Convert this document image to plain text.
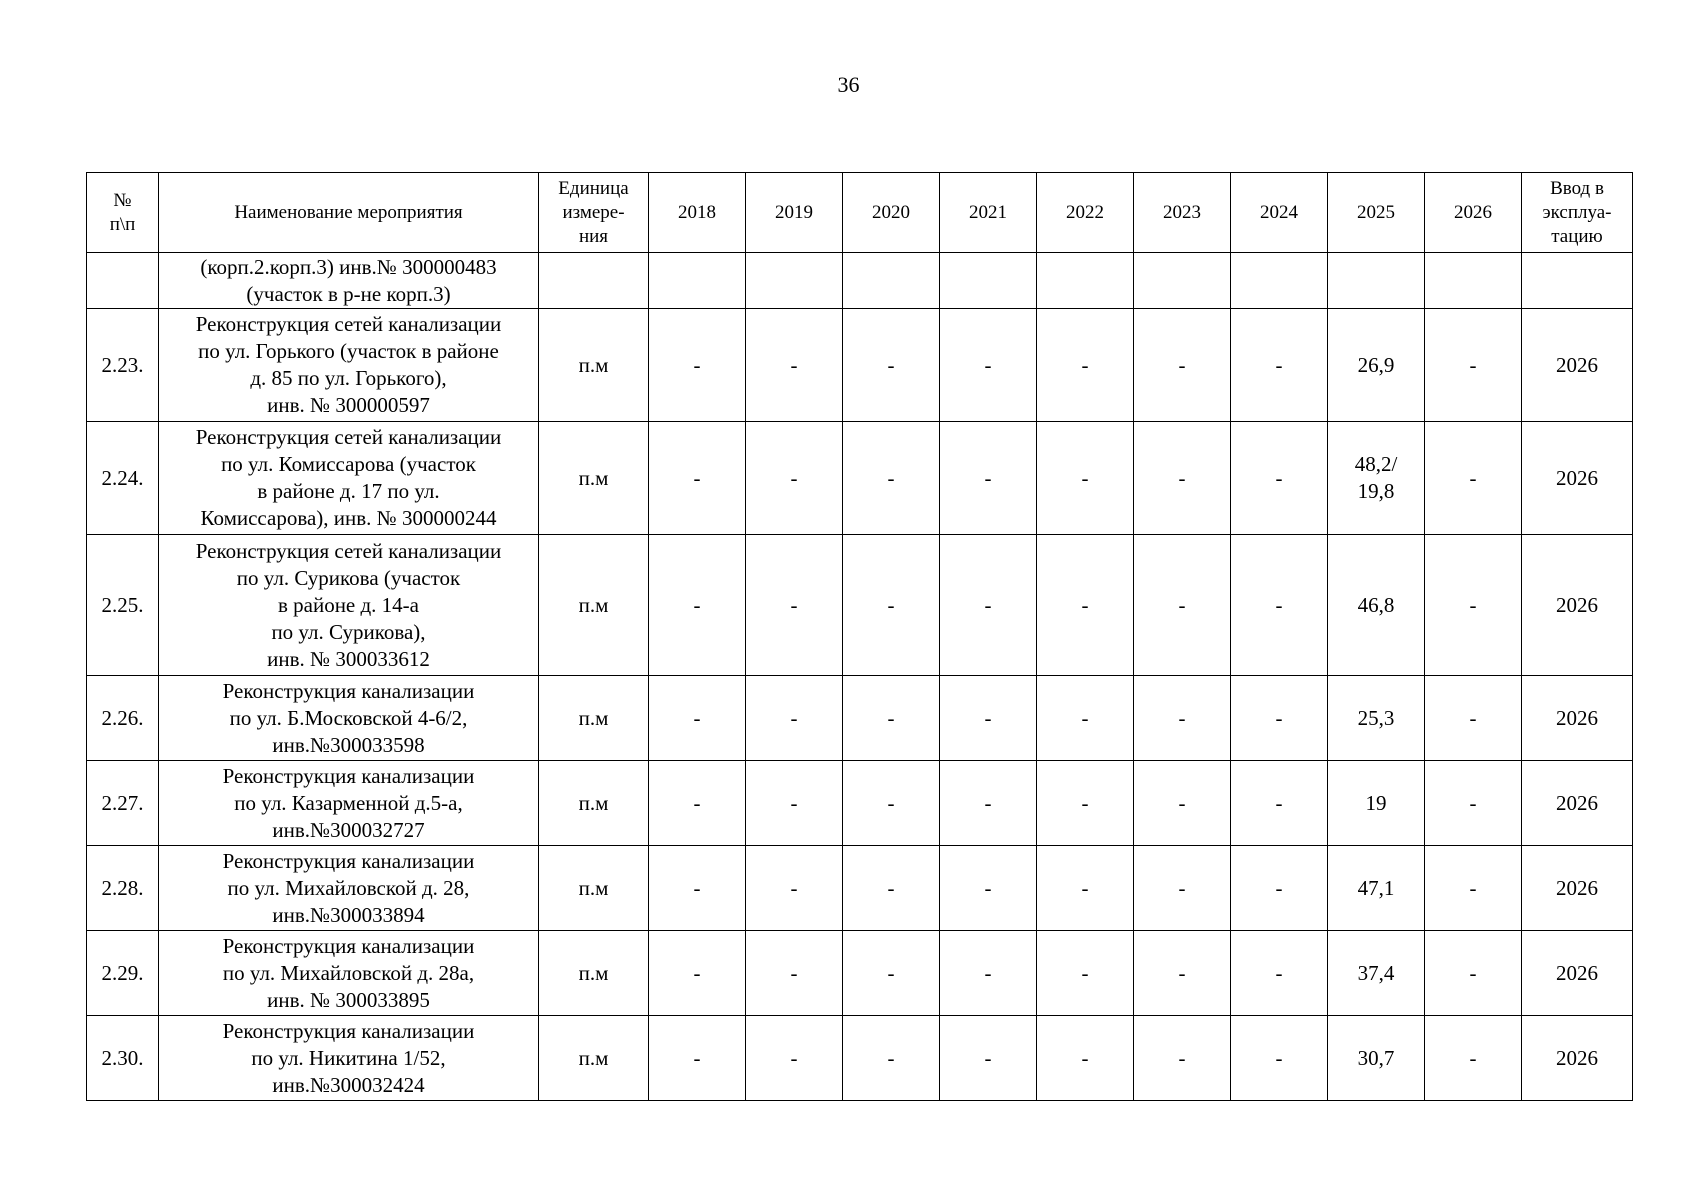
36
№
п\п	Наименование мероприятия	Единица
измере-
ния	2018	2019	2020	2021	2022	2023	2024	2025	2026	Ввод в
эксплуа-
тацию
	(корп.2.корп.3) инв.№ 300000483
(участок в р-не корп.3)											
2.23.	Реконструкция сетей канализации
по ул. Горького (участок в районе
д. 85 по ул. Горького),
инв. № 300000597	п.м	-	-	-	-	-	-	-	26,9	-	2026
2.24.	Реконструкция сетей канализации
по ул. Комиссарова (участок
в районе д. 17 по ул.
Комиссарова), инв. № 300000244	п.м	-	-	-	-	-	-	-	48,2/
19,8	-	2026
2.25.	Реконструкция сетей канализации
по ул. Сурикова (участок
в районе д. 14-а
по ул. Сурикова),
инв. № 300033612	п.м	-	-	-	-	-	-	-	46,8	-	2026
2.26.	Реконструкция канализации
по ул. Б.Московской 4-6/2,
инв.№300033598	п.м	-	-	-	-	-	-	-	25,3	-	2026
2.27.	Реконструкция канализации
по ул. Казарменной д.5-а,
инв.№300032727	п.м	-	-	-	-	-	-	-	19	-	2026
2.28.	Реконструкция канализации
по ул. Михайловской д. 28,
инв.№300033894	п.м	-	-	-	-	-	-	-	47,1	-	2026
2.29.	Реконструкция канализации
по ул. Михайловской д. 28а,
инв. № 300033895	п.м	-	-	-	-	-	-	-	37,4	-	2026
2.30.	Реконструкция канализации
по ул. Никитина 1/52,
инв.№300032424	п.м	-	-	-	-	-	-	-	30,7	-	2026
